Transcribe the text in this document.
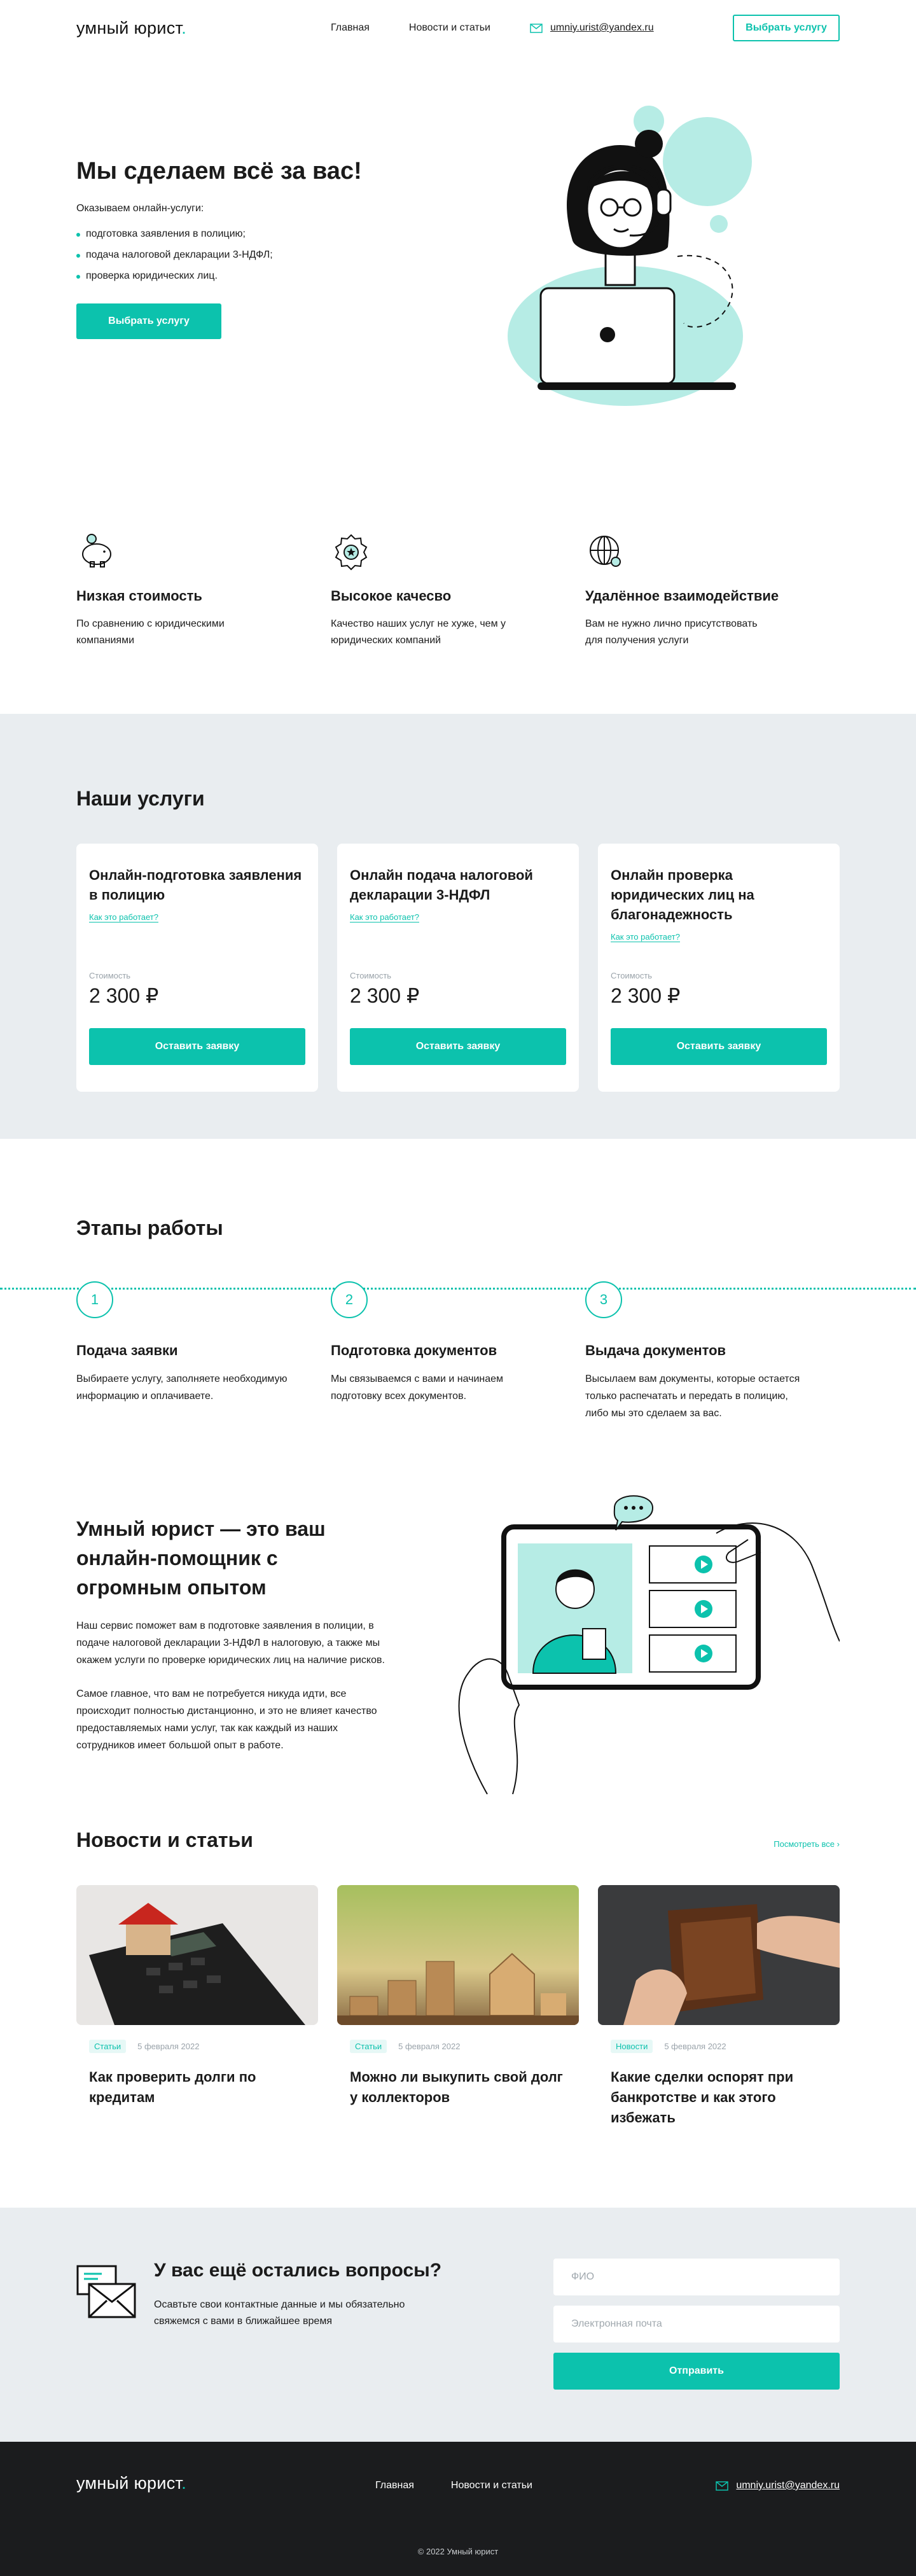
умный юрист.	Главная	Новости и статьи	umniy.urist@yandex.ru	Выбрать услугу
Мы сделаем всё за вас!

Оказываем онлайн-услуги:

подготовка заявления в полицию;
подача налоговой декларации 3-НДФЛ;
проверка юридических лиц.
Выбрать услугу
Низкая стоимость

По сравнению с юридическими компаниями

Высокое качесво

Качество наших услуг не хуже, чем у юридических компаний

Удалённое взаимодействие

Вам не нужно лично присутствовать для получения услуги

Наши услуги
Онлайн-подготовка заявления в полицию
Как это работает?
Стоимость
2 300 ₽
Оставить заявку
Онлайн подача налоговой декларации 3-НДФЛ
Как это работает?
Стоимость
2 300 ₽
Оставить заявку
Онлайн проверка юридических лиц на благонадежность
Как это работает?
Стоимость
2 300 ₽
Оставить заявку
Этапы работы
1
Подача заявки

Выбираете услугу, заполняете необходимую информацию и оплачиваете.

2
Подготовка документов

Мы связываемся с вами и начинаем подготовку всех документов.

3
Выдача документов

Высылаем вам документы, которые остается только распечатать и передать в полицию, либо мы это сделаем за вас.

Умный юрист — это ваш онлайн-помощник с огромным опытом

Наш сервис поможет вам в подготовке заявления в полиции, в подаче налоговой декларации 3-НДФЛ в налоговую, а также мы окажем услуги по проверке юридических лиц на наличие рисков.

Самое главное, что вам не потребуется никуда идти, все происходит полностью дистанционно, и это не влияет качество предоставляемых нами услуг, так как каждый из наших сотрудников имеет большой опыт в работе.

Новости и статьи	Посмотреть все ›
Статьи	5 февраля 2022
Как проверить долги по кредитам
Статьи	5 февраля 2022
Можно ли выкупить свой долг у коллекторов
Новости	5 февраля 2022
Какие сделки оспорят при банкротстве и как этого избежать
У вас ещё остались вопросы?

Осавтьте свои контактные данные и мы обязательно свяжемся с вами в ближайшее время

ФИО
Электронная почта
Отправить
умный юрист.	Главная	Новости и статьи	umniy.urist@yandex.ru
© 2022 Умный юрист
